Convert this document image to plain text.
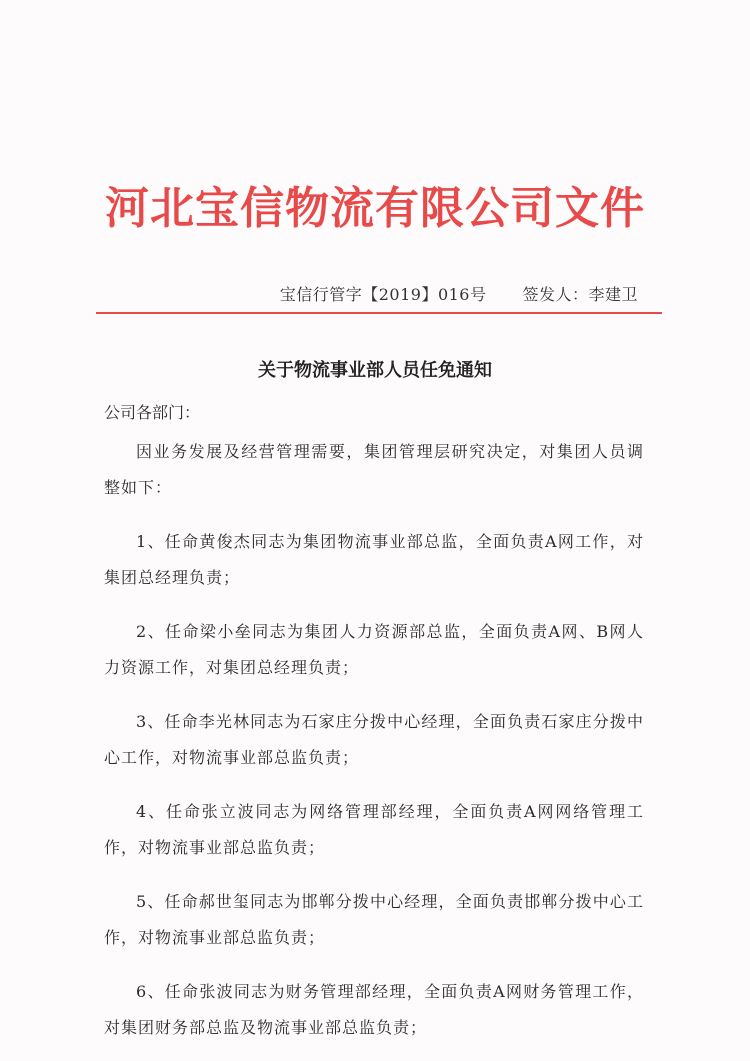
河北宝信物流有限公司文件
宝信行管字【2019】016号 签发人：李建卫
关于物流事业部人员任免通知
公司各部门：

因业务发展及经营管理需要，集团管理层研究决定，对集团人员调整如下：

1、任命黄俊杰同志为集团物流事业部总监，全面负责A网工作，对集团总经理负责；

2、任命梁小垒同志为集团人力资源部总监，全面负责A网、B网人力资源工作，对集团总经理负责；

3、任命李光林同志为石家庄分拨中心经理，全面负责石家庄分拨中心工作，对物流事业部总监负责；

4、任命张立波同志为网络管理部经理，全面负责A网网络管理工作，对物流事业部总监负责；

5、任命郝世玺同志为邯郸分拨中心经理，全面负责邯郸分拨中心工作，对物流事业部总监负责；

6、任命张波同志为财务管理部经理，全面负责A网财务管理工作，对集团财务部总监及物流事业部总监负责；
